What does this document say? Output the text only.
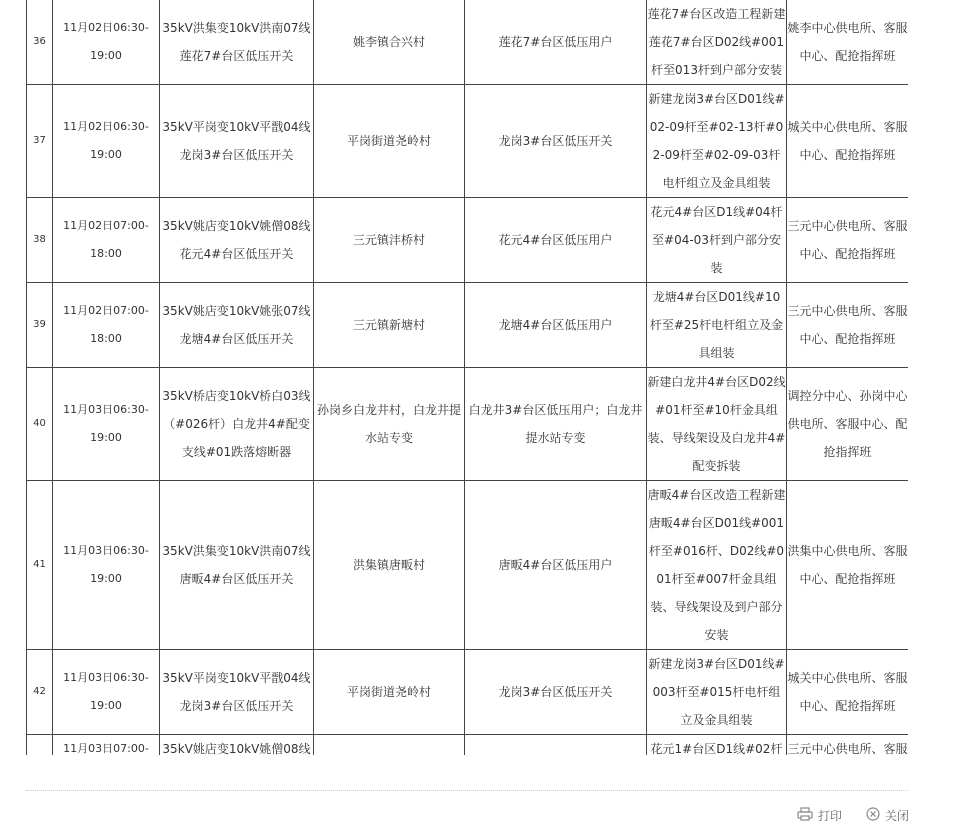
36	11月02日06:30-19:00	35kV洪集变10kV洪南07线莲花7#台区低压开关	姚李镇合兴村	莲花7#台区低压用户	莲花7#台区改造工程新建莲花7#台区D02线#001杆至013杆到户部分安装	姚李中心供电所、客服中心、配抢指挥班
37	11月02日06:30-19:00	35kV平岗变10kV平戬04线龙岗3#台区低压开关	平岗街道尧岭村	龙岗3#台区低压开关	新建龙岗3#台区D01线#02-09杆至#02-13杆#02-09杆至#02-09-03杆电杆组立及金具组装	城关中心供电所、客服中心、配抢指挥班
38	11月02日07:00-18:00	35kV姚店变10kV姚僧08线花元4#台区低压开关	三元镇沣桥村	花元4#台区低压用户	花元4#台区D1线#04杆至#04-03杆到户部分安装	三元中心供电所、客服中心、配抢指挥班
39	11月02日07:00-18:00	35kV姚店变10kV姚张07线龙塘4#台区低压开关	三元镇新塘村	龙塘4#台区低压用户	龙塘4#台区D01线#10杆至#25杆电杆组立及金具组装	三元中心供电所、客服中心、配抢指挥班
40	11月03日06:30-19:00	35kV桥店变10kV桥白03线（#026杆）白龙井4#配变支线#01跌落熔断器	孙岗乡白龙井村，白龙井提水站专变	白龙井3#台区低压用户；白龙井提水站专变	新建白龙井4#台区D02线#01杆至#10杆金具组装、导线架设及白龙井4#配变拆装	调控分中心、孙岗中心供电所、客服中心、配抢指挥班
41	11月03日06:30-19:00	35kV洪集变10kV洪南07线唐畈4#台区低压开关	洪集镇唐畈村	唐畈4#台区低压用户	唐畈4#台区改造工程新建唐畈4#台区D01线#001杆至#016杆、D02线#001杆至#007杆金具组装、导线架设及到户部分安装	洪集中心供电所、客服中心、配抢指挥班
42	11月03日06:30-19:00	35kV平岗变10kV平戬04线龙岗3#台区低压开关	平岗街道尧岭村	龙岗3#台区低压开关	新建龙岗3#台区D01线#003杆至#015杆电杆组立及金具组装	城关中心供电所、客服中心、配抢指挥班
	11月03日07:00-	35kV姚店变10kV姚僧08线			花元1#台区D1线#02杆	三元中心供电所、客服

打印	关闭
